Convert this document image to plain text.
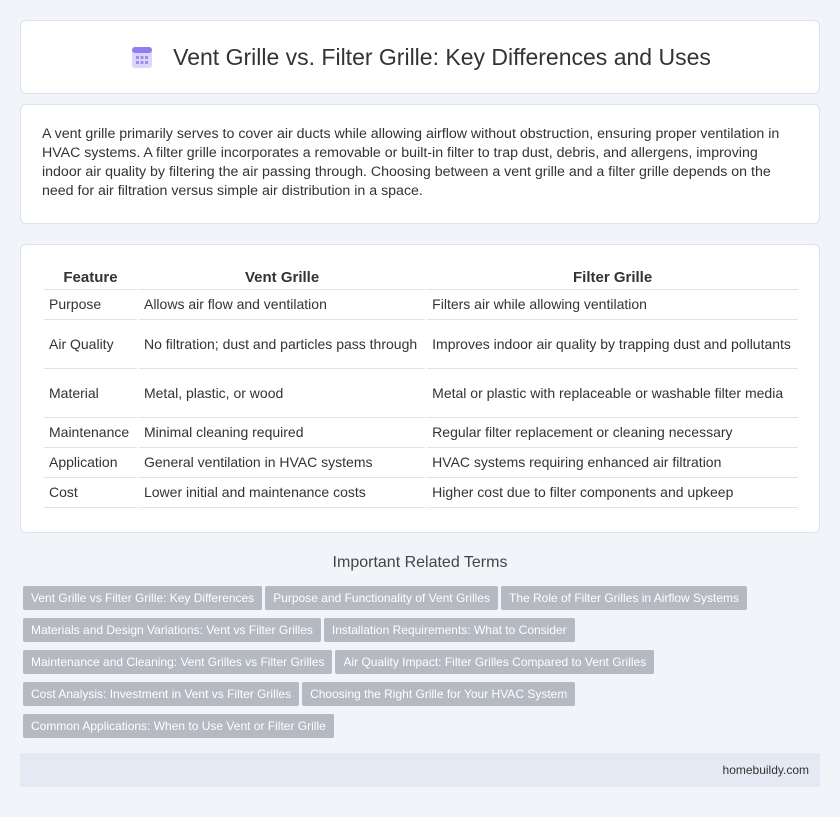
Vent Grille vs. Filter Grille: Key Differences and Uses

A vent grille primarily serves to cover air ducts while allowing airflow without obstruction, ensuring proper ventilation in HVAC systems. A filter grille incorporates a removable or built-in filter to trap dust, debris, and allergens, improving indoor air quality by filtering the air passing through. Choosing between a vent grille and a filter grille depends on the need for air filtration versus simple air distribution in a space.

Feature	Vent Grille	Filter Grille
Purpose	Allows air flow and ventilation	Filters air while allowing ventilation
Air Quality	No filtration; dust and particles pass through	Improves indoor air quality by trapping dust and pollutants
Material	Metal, plastic, or wood	Metal or plastic with replaceable or washable filter media
Maintenance	Minimal cleaning required	Regular filter replacement or cleaning necessary
Application	General ventilation in HVAC systems	HVAC systems requiring enhanced air filtration
Cost	Lower initial and maintenance costs	Higher cost due to filter components and upkeep
Important Related Terms
Vent Grille vs Filter Grille: Key Differences Purpose and Functionality of Vent Grilles The Role of Filter Grilles in Airflow Systems
Materials and Design Variations: Vent vs Filter Grilles Installation Requirements: What to Consider
Maintenance and Cleaning: Vent Grilles vs Filter Grilles Air Quality Impact: Filter Grilles Compared to Vent Grilles
Cost Analysis: Investment in Vent vs Filter Grilles Choosing the Right Grille for Your HVAC System
Common Applications: When to Use Vent or Filter Grille
homebuildy.com
